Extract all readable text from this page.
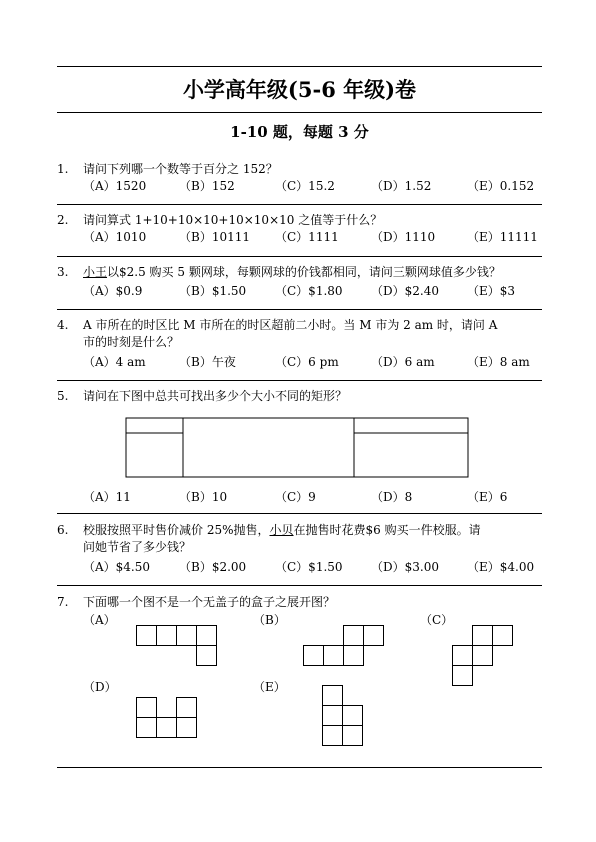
小学高年级(5-6 年级)卷
1-10 题，每题 3 分
1. 请问下列哪一个数等于百分之 152？
（A）1520	（B）152	（C）15.2	（D）1.52	（E）0.152
2. 请问算式 1+10+10×10+10×10×10 之值等于什么？
（A）1010	（B）10111 （C）1111	（D）1110	（E）11111
3. 小王以$2.5 购买 5 颗网球，每颗网球的价钱都相同，请问三颗网球值多少钱？
（A）$0.9	（B）$1.50 （C）$1.80 （D）$2.40 （E）$3
4. A 市所在的时区比 M 市所在的时区超前二小时。当 M 市为 2 am 时，请问 A
市的时刻是什么？
（A）4 am	（B）午夜	（C）6 pm	（D）6 am	（E）8 am
5. 请问在下图中总共可找出多少个大小不同的矩形？
（A）11	（B）10	（C）9	（D）8	（E）6
6. 校服按照平时售价减价 25%抛售，小贝在抛售时花费$6 购买一件校服。请
问她节省了多少钱？
（A）$4.50 （B）$2.00 （C）$1.50 （D）$3.00 （E）$4.00
7. 下面哪一个图不是一个无盖子的盒子之展开图？
（A）	（B）	（C）
（D）	（E）
